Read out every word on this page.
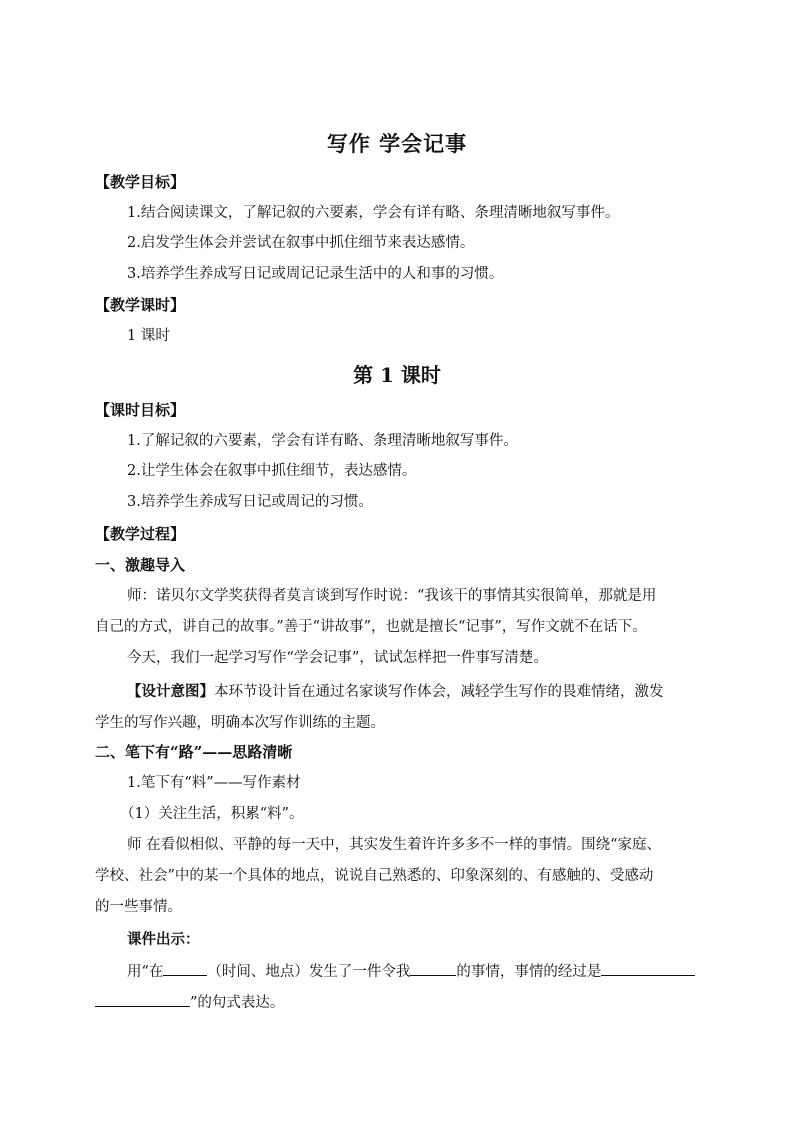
写作 学会记事
【教学目标】
1.结合阅读课文，了解记叙的六要素，学会有详有略、条理清晰地叙写事件。
2.启发学生体会并尝试在叙事中抓住细节来表达感情。
3.培养学生养成写日记或周记记录生活中的人和事的习惯。
【教学课时】
1 课时
第 1 课时
【课时目标】
1.了解记叙的六要素，学会有详有略、条理清晰地叙写事件。
2.让学生体会在叙事中抓住细节，表达感情。
3.培养学生养成写日记或周记的习惯。
【教学过程】
一、激趣导入
师：诺贝尔文学奖获得者莫言谈到写作时说：“我该干的事情其实很简单，那就是用
自己的方式，讲自己的故事。”善于“讲故事”，也就是擅长“记事”，写作文就不在话下。
今天，我们一起学习写作“学会记事”，试试怎样把一件事写清楚。
【设计意图】本环节设计旨在通过名家谈写作体会，减轻学生写作的畏难情绪，激发
学生的写作兴趣，明确本次写作训练的主题。
二、笔下有“路”——思路清晰
1.笔下有“料”——写作素材
（1）关注生活，积累“料”。
师 在看似相似、平静的每一天中，其实发生着许许多多不一样的事情。围绕“家庭、
学校、社会”中的某一个具体的地点，说说自己熟悉的、印象深刻的、有感触的、受感动
的一些事情。
课件出示：
用“在	（时间、地点）发生了一件令我	的事情，事情的经过是
”的句式表达。
